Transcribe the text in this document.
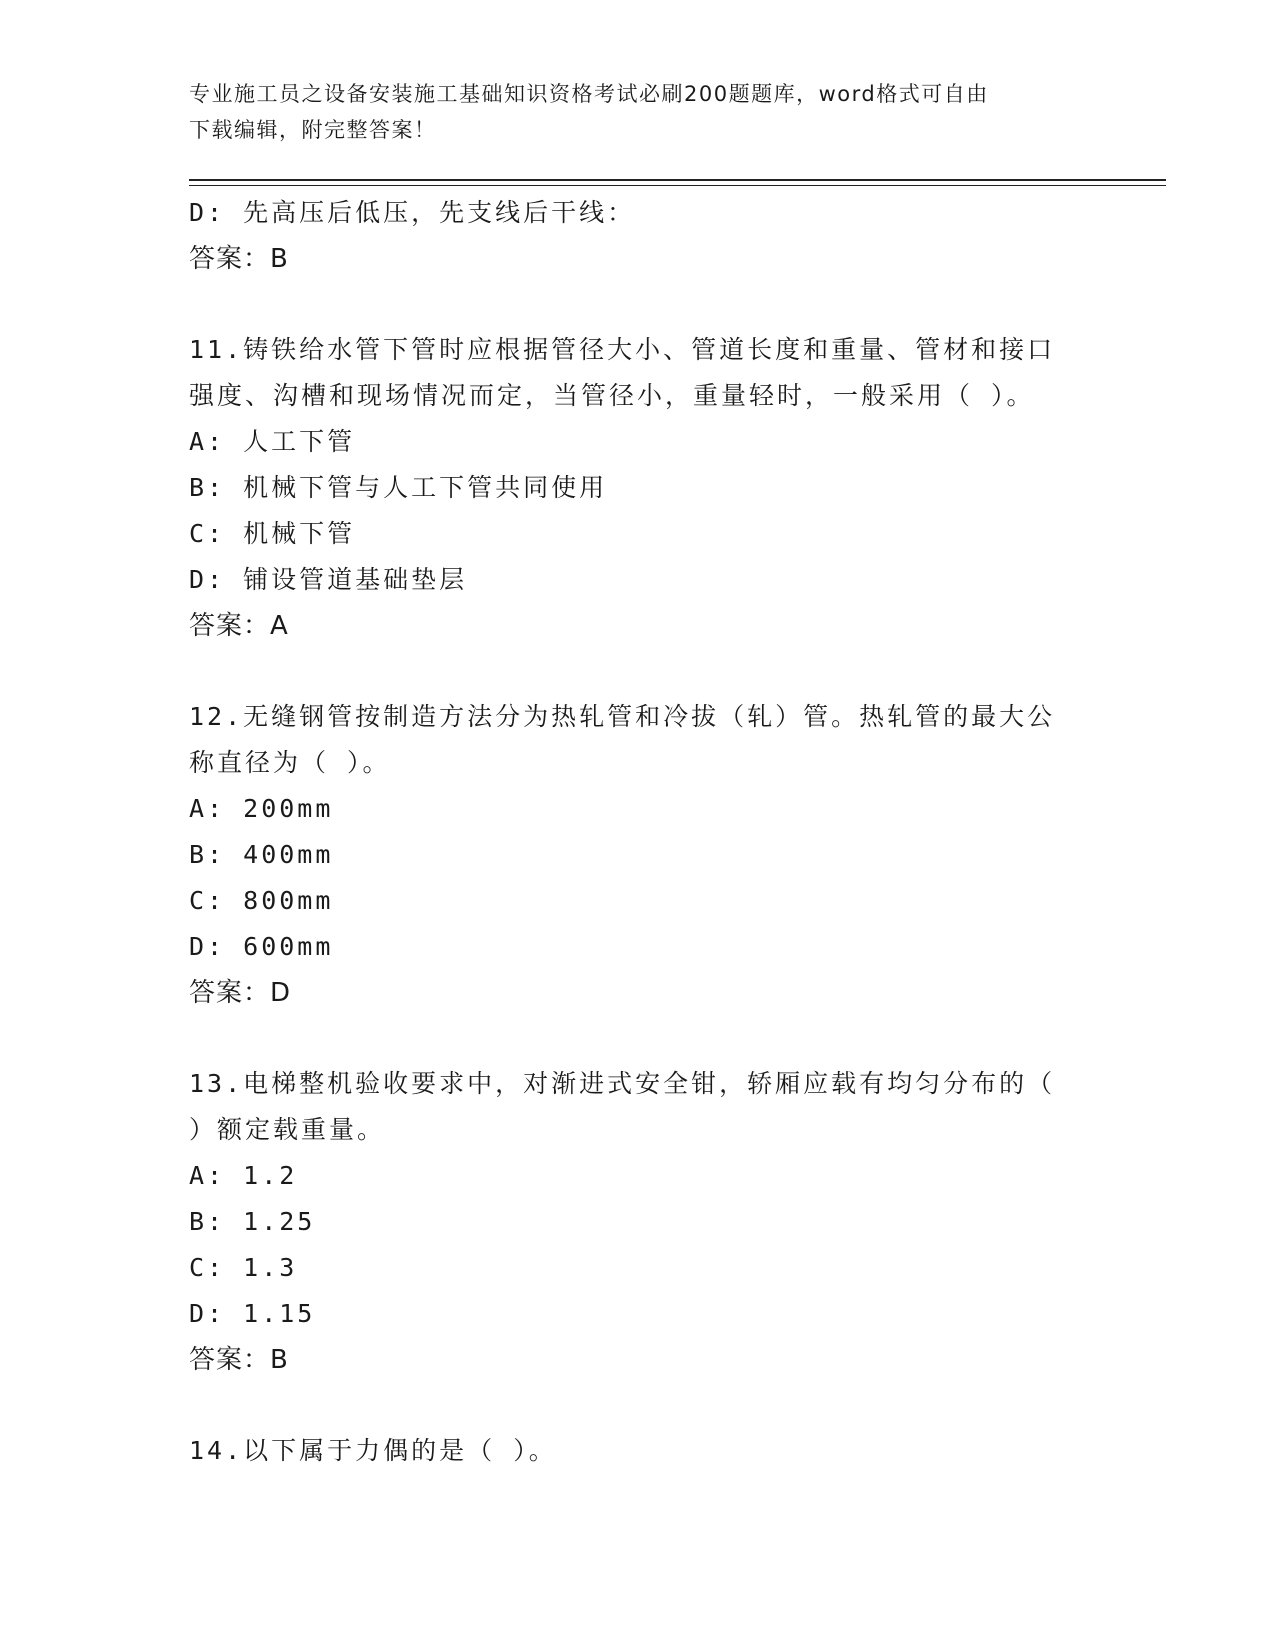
专业施工员之设备安装施工基础知识资格考试必刷200题题库，word格式可自由
下载编辑，附完整答案！
D: 先高压后低压，先支线后干线：
答案：B
11.铸铁给水管下管时应根据管径大小、管道长度和重量、管材和接口
强度、沟槽和现场情况而定，当管径小，重量轻时，一般采用（ ）。
A: 人工下管
B: 机械下管与人工下管共同使用
C: 机械下管
D: 铺设管道基础垫层
答案：A
12.无缝钢管按制造方法分为热轧管和冷拔（轧）管。热轧管的最大公
称直径为（ ）。
A: 200mm
B: 400mm
C: 800mm
D: 600mm
答案：D
13.电梯整机验收要求中，对渐进式安全钳，轿厢应载有均匀分布的（
）额定载重量。
A: 1.2
B: 1.25
C: 1.3
D: 1.15
答案：B
14.以下属于力偶的是（ ）。
